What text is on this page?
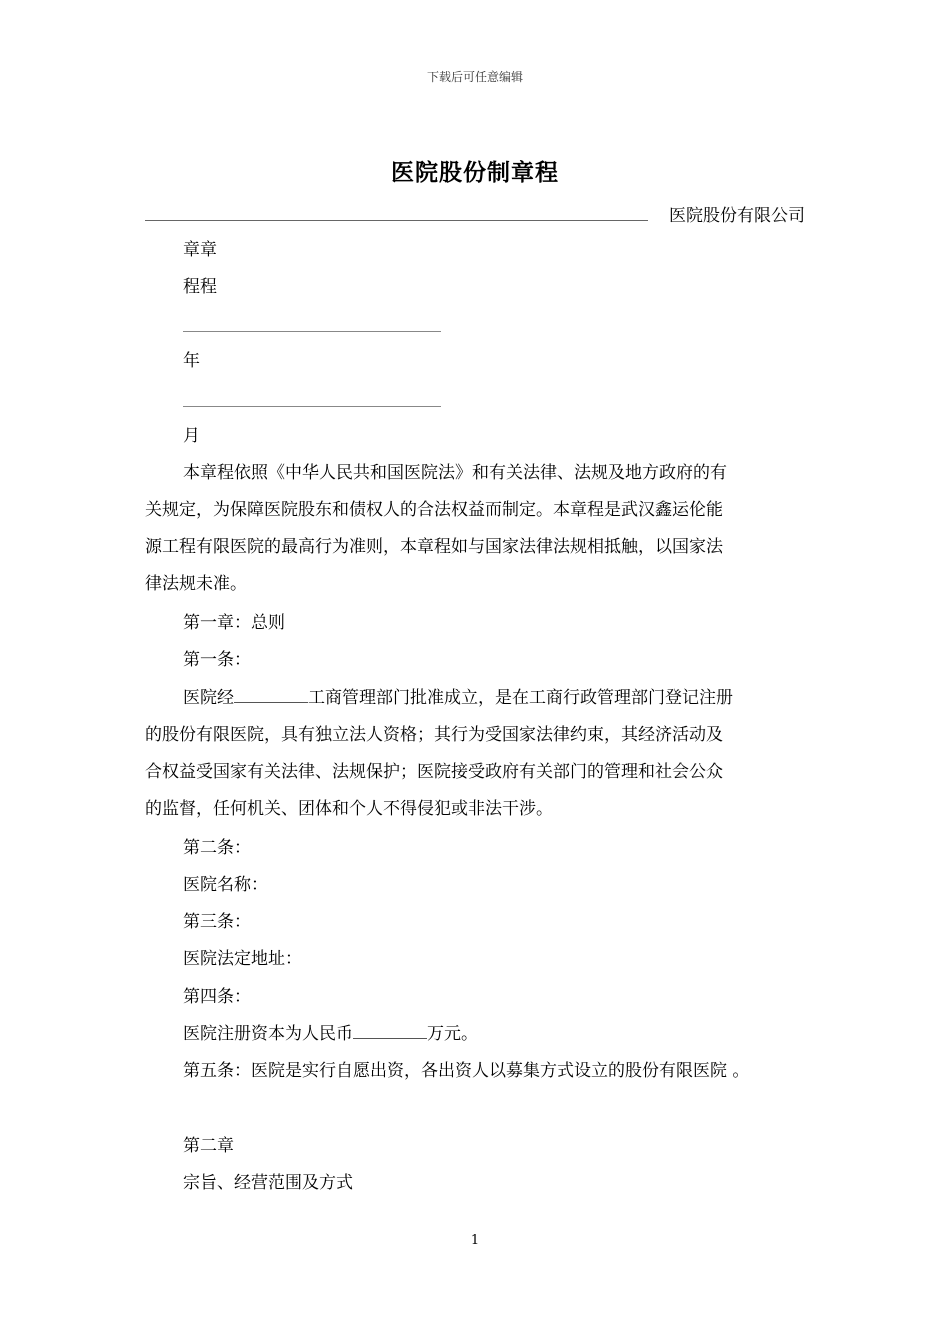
下载后可任意编辑
医院股份制章程
医院股份有限公司
章章
程程
年
月
本章程依照《中华人民共和国医院法》和有关法律、法规及地方政府的有
关规定，为保障医院股东和债权人的合法权益而制定。本章程是武汉鑫运伦能
源工程有限医院的最高行为准则，本章程如与国家法律法规相抵触，以国家法
律法规未准。
第一章：总则
第一条：
医院经	工商管理部门批准成立，是在工商行政管理部门登记注册
的股份有限医院，具有独立法人资格；其行为受国家法律约束，其经济活动及
合权益受国家有关法律、法规保护；医院接受政府有关部门的管理和社会公众
的监督，任何机关、团体和个人不得侵犯或非法干涉。
第二条：
医院名称：
第三条：
医院法定地址：
第四条：
医院注册资本为人民币	万元。
第五条：医院是实行自愿出资，各出资人以募集方式设立的股份有限医院 。
第二章
宗旨、经营范围及方式
1
